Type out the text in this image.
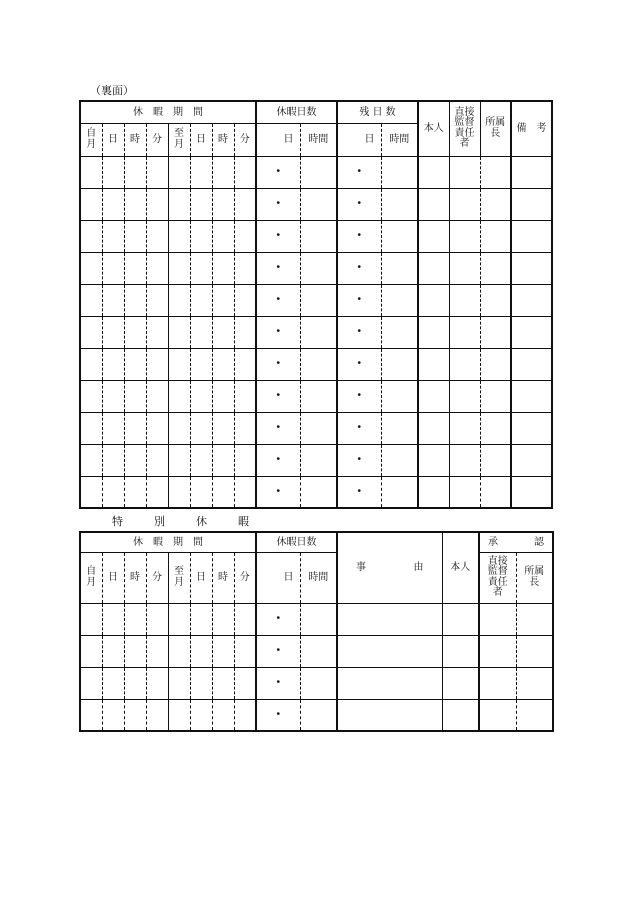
（裏面）
休　暇　期　間								休暇日数		残 日 数		本人	直接監督責任者	所属長	備　考
自月	日	時	分	至月	日	時	分	日	時間	日	時間				
								・		・					
								・		・					
								・		・					
								・		・					
								・		・					
								・		・					
								・		・					
								・		・					
								・		・					
								・		・					
								・		・					
特　別　休　暇
休　暇　期　間								休暇日数		事 由	本人	承 認	

自月	日	時	分	至月	日	時	分	日	時間			直接監督責任者	所属長
								・					
								・					
								・					
								・					
